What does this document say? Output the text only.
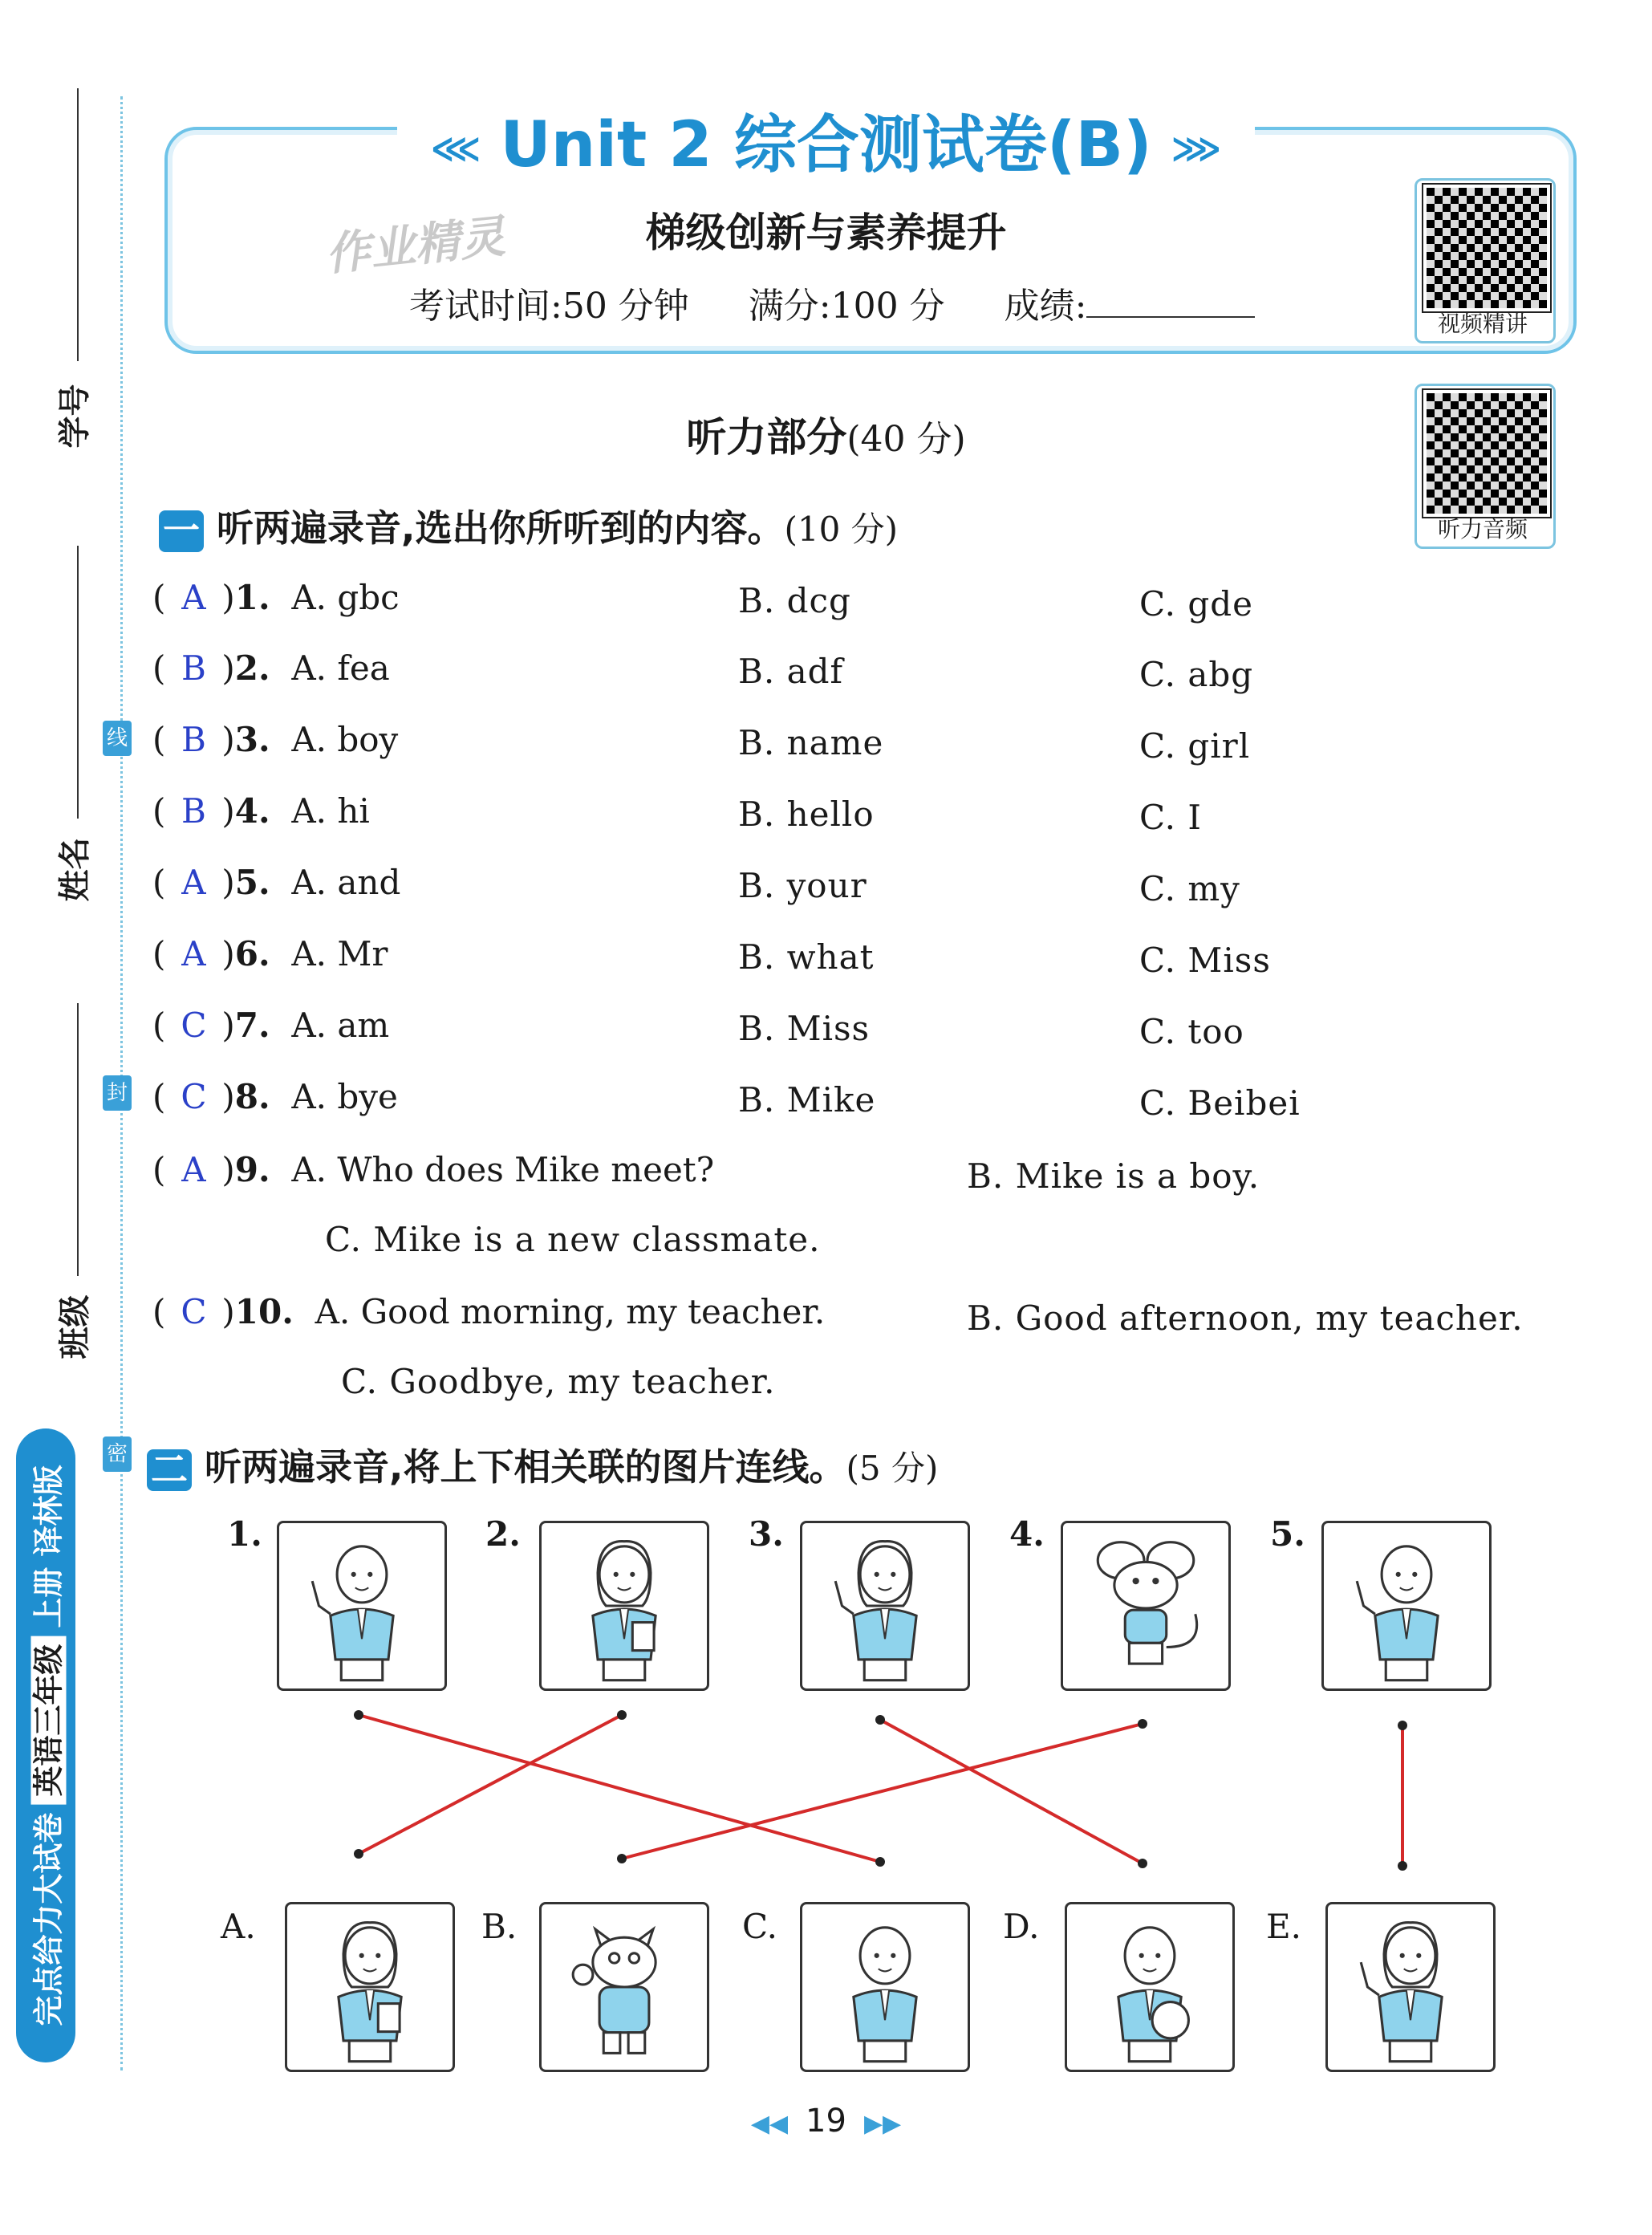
学号
姓名
班级
线
封
密
完点给力大试卷英语三年级上册 译林版
⋘ Unit 2 综合测试卷(B) ⋙
梯级创新与素养提升
考试时间:50 分钟 满分:100 分 成绩:
作业精灵
视频精讲
听力音频
听力部分(40 分)
一 听两遍录音,选出你所听到的内容。(10 分)
( A )1. A. gbc	B. dcg	C. gde
( B )2. A. fea	B. adf	C. abg
( B )3. A. boy	B. name	C. girl
( B )4. A. hi	B. hello	C. I
( A )5. A. and	B. your	C. my
( A )6. A. Mr	B. what	C. Miss
( C )7. A. am	B. Miss	C. too
( C )8. A. bye	B. Mike	C. Beibei
( A )9. A. Who does Mike meet?	B. Mike is a boy.
C. Mike is a new classmate.
( C )10. A. Good morning, my teacher.	B. Good afternoon, my teacher.
C. Goodbye, my teacher.
二 听两遍录音,将上下相关联的图片连线。(5 分)
1.	2.	3.	4.	5.
A.	B.	C.	D.	E.
◀◀ 19 ▶▶
